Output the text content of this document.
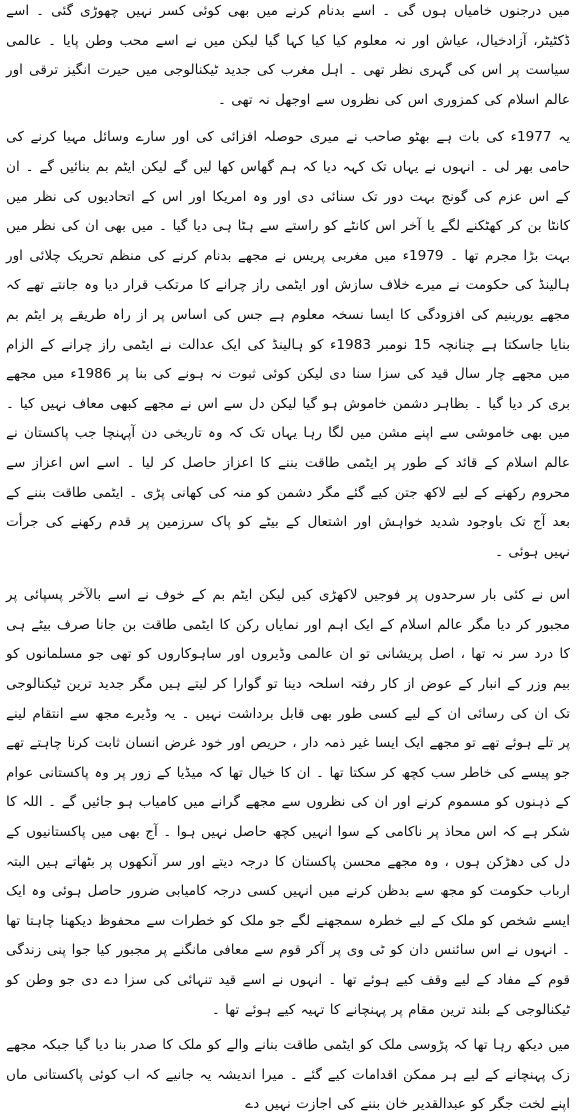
میں درجنوں خامیاں ہوں گی ۔ اسے بدنام کرنے میں بھی کوئی کسر نہیں چھوڑی گئی ۔ اسے ڈکٹیٹر، آزادخیال، عیاش اور نہ معلوم کیا کیا کہا گیا لیکن میں نے اسے محب وطن پایا ۔ عالمی سیاست پر اس کی گہری نظر تھی ۔ اہل مغرب کی جدید ٹیکنالوجی میں حیرت انگیز ترقی اور عالم اسلام کی کمزوری اس کی نظروں سے اوجھل نہ تھی ۔

یہ 1977ء کی بات ہے بھٹو صاحب نے میری حوصلہ افزائی کی اور سارے وسائل مہیا کرنے کی حامی بھر لی ۔ انہوں نے یہاں تک کہہ دیا کہ ہم گھاس کھا لیں گے لیکن ایٹم بم بنائیں گے ۔ ان کے اس عزم کی گونج بہت دور تک سنائی دی اور وہ امریکا اور اس کے اتحادیوں کی نظر میں کانٹا بن کر کھٹکنے لگے یا آخر اس کانٹے کو راستے سے ہٹا ہی دیا گیا ۔ میں بھی ان کی نظر میں بہت بڑا مجرم تھا ۔ 1979ء میں مغربی پریس نے مجھے بدنام کرنے کی منظم تحریک چلائی اور ہالینڈ کی حکومت نے میرے خلاف سازش اور ایٹمی راز چرانے کا مرتکب قرار دیا وہ جانتے تھے کہ مجھے یورینیم کی افزودگی کا ایسا نسخہ معلوم ہے جس کی اساس پر از راہ طریقے پر ایٹم بم بنایا جاسکتا ہے چنانچہ 15 نومبر 1983ء کو ہالینڈ کی ایک عدالت نے ایٹمی راز چرانے کے الزام میں مجھے چار سال قید کی سزا سنا دی لیکن کوئی ثبوت نہ ہونے کی بنا پر 1986ء میں مجھے بری کر دیا گیا ۔ بظاہر دشمن خاموش ہو گیا لیکن دل سے اس نے مجھے کبھی معاف نہیں کیا ۔ میں بھی خاموشی سے اپنے مشن میں لگا رہا یہاں تک کہ وہ تاریخی دن آپہنچا جب پاکستان نے عالم اسلام کے قائد کے طور پر ایٹمی طاقت بننے کا اعزاز حاصل کر لیا ۔ اسے اس اعزاز سے محروم رکھنے کے لیے لاکھ جتن کیے گئے مگر دشمن کو منہ کی کھانی پڑی ۔ ایٹمی طاقت بننے کے بعد آج تک باوجود شدید خواہش اور اشتعال کے بیٹے کو پاک سرزمین پر قدم رکھنے کی جرأت نہیں ہوئی ۔

اس نے کئی بار سرحدوں پر فوجیں لاکھڑی کیں لیکن ایٹم بم کے خوف نے اسے بالآخر پسپائی پر مجبور کر دیا مگر عالم اسلام کے ایک اہم اور نمایاں رکن کا ایٹمی طاقت بن جانا صرف بیٹے ہی کا درد سر نہ تھا ، اصل پریشانی تو ان عالمی وڈیروں اور ساہوکاروں کو تھی جو مسلمانوں کو بیم وزر کے انبار کے عوض از کار رفتہ اسلحہ دینا تو گوارا کر لیتے ہیں مگر جدید ترین ٹیکنالوجی تک ان کی رسائی ان کے لیے کسی طور بھی قابل برداشت نہیں ۔ یہ وڈیرے مجھ سے انتقام لینے پر تلے ہوئے تھے تو مجھے ایک ایسا غیر ذمہ دار ، حریص اور خود غرض انسان ثابت کرنا چاہتے تھے جو پیسے کی خاطر سب کچھ کر سکتا تھا ۔ ان کا خیال تھا کہ میڈیا کے زور پر وہ پاکستانی عوام کے ذہنوں کو مسموم کرنے اور ان کی نظروں سے مجھے گرانے میں کامیاب ہو جائیں گے ۔ اللہ کا شکر ہے کہ اس محاذ پر ناکامی کے سوا انہیں کچھ حاصل نہیں ہوا ۔ آج بھی میں پاکستانیوں کے دل کی دھڑکن ہوں ، وہ مجھے محسن پاکستان کا درجہ دیتے اور سر آنکھوں پر بٹھاتے ہیں البتہ ارباب حکومت کو مجھ سے بدظن کرنے میں انہیں کسی درجہ کامیابی ضرور حاصل ہوئی وہ ایک ایسے شخص کو ملک کے لیے خطرہ سمجھنے لگے جو ملک کو خطرات سے محفوظ دیکھنا چاہتا تھا ۔ انہوں نے اس سائنس دان کو ٹی وی پر آکر قوم سے معافی مانگنے پر مجبور کیا جوا پنی زندگی قوم کے مفاد کے لیے وقف کیے ہوئے تھا ۔ انہوں نے اسے قید تنہائی کی سزا دے دی جو وطن کو ٹیکنالوجی کے بلند ترین مقام پر پہنچانے کا تہیہ کیے ہوئے تھا ۔

میں دیکھ رہا تھا کہ پڑوسی ملک کو ایٹمی طاقت بنانے والے کو ملک کا صدر بنا دیا گیا جبکہ مجھے زک پہنچانے کے لیے ہر ممکن اقدامات کیے گئے ۔ میرا اندیشہ یہ جانیے کہ اب کوئی پاکستانی ماں اپنے لخت جگر کو عبدالقدیر خان بننے کی اجازت نہیں دے
